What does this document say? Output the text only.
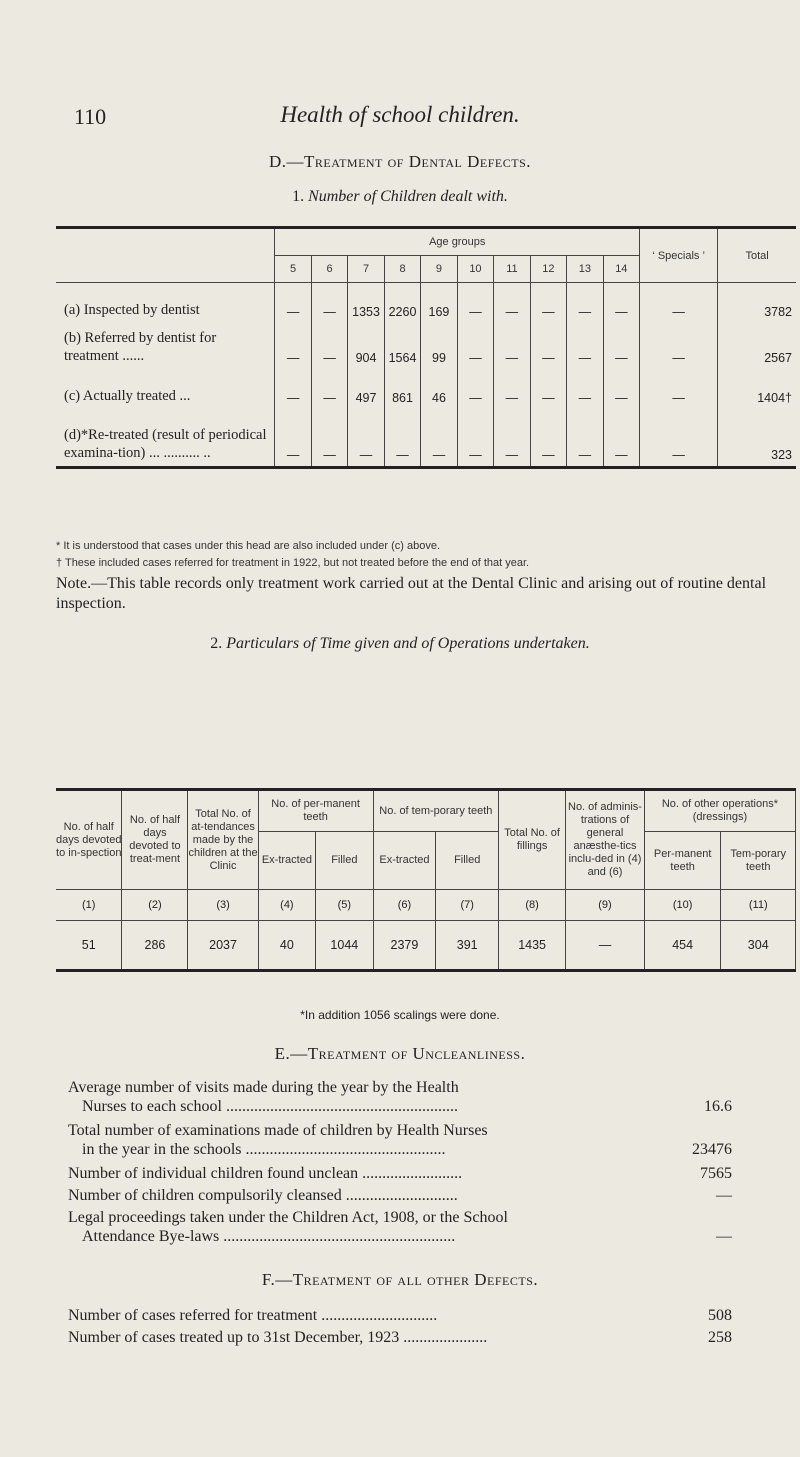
110	Health of school children.
D.—Treatment of Dental Defects.
1. Number of Children dealt with.
	Age groups										‘ Specials ’	Total
	5	6	7	8	9	10	11	12	13	14		
(a) Inspected by dentist	—	—	1353	2260	169	—	—	—	—	—	—	3782
(b) Referred by dentist for treatment ......	—	—	904	1564	99	—	—	—	—	—	—	2567
(c) Actually treated ...	—	—	497	861	46	—	—	—	—	—	—	1404†
(d)*Re-treated (result of periodical examina-tion) ... .......... ..	—	—	—	—	—	—	—	—	—	—	—	323
* It is understood that cases under this head are also included under (c) above.
† These included cases referred for treatment in 1922, but not treated before the end of that year.
Note.—This table records only treatment work carried out at the Dental Clinic and arising out of routine dental inspection.
2. Particulars of Time given and of Operations undertaken.
No. of half days devoted to in-spection	No. of half days devoted to treat-ment	Total No. of at-tendances made by the children at the Clinic	No. of per-manent teeth		No. of tem-porary teeth		Total No. of fillings	No. of adminis-trations of general anæsthe-tics inclu-ded in (4) and (6)	No. of other operations* (dressings)	
			Ex-tracted	Filled	Ex-tracted	Filled			Per-manent teeth	Tem-porary teeth
(1)	(2)	(3)	(4)	(5)	(6)	(7)	(8)	(9)	(10)	(11)
51	286	2037	40	1044	2379	391	1435	—	454	304
*In addition 1056 scalings were done.
E.—Treatment of Uncleanliness.
Average number of visits made during the year by the Health
Nurses to each school ..........................................................	16.6
Total number of examinations made of children by Health Nurses
in the year in the schools ..................................................	23476
Number of individual children found unclean .........................	7565
Number of children compulsorily cleansed ............................	—
Legal proceedings taken under the Children Act, 1908, or the School
Attendance Bye-laws ..........................................................	—
F.—Treatment of all other Defects.
Number of cases referred for treatment .............................	508
Number of cases treated up to 31st December, 1923 .....................	258
